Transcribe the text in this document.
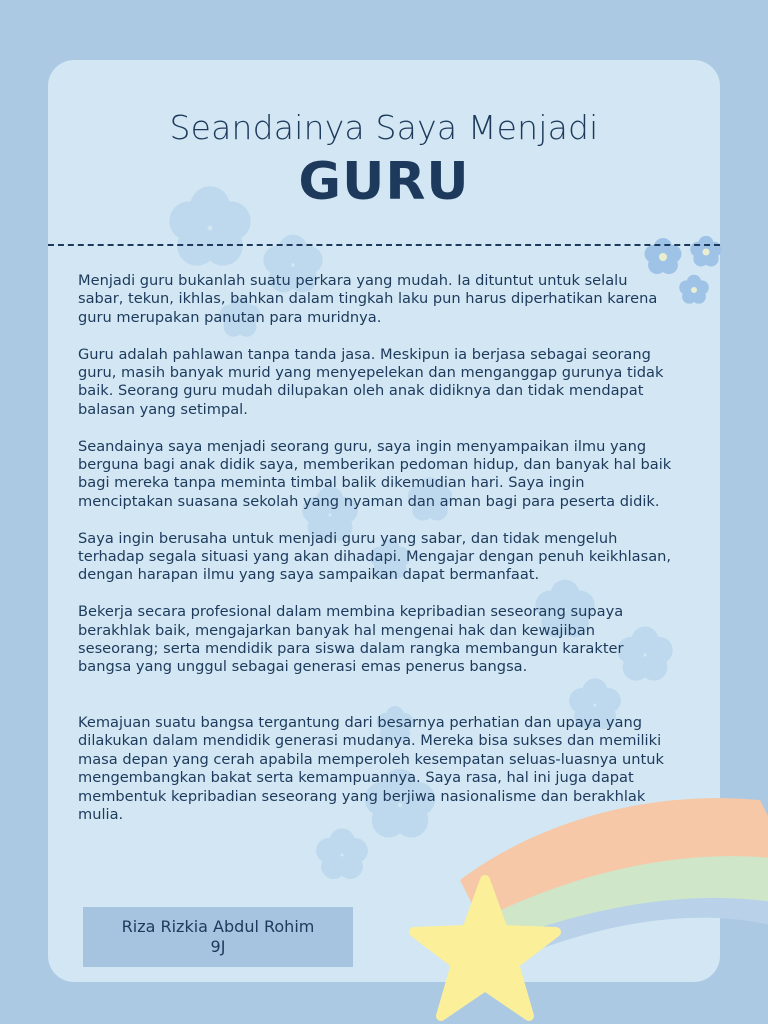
Seandainya Saya Menjadi
GURU

Menjadi guru bukanlah suatu perkara yang mudah. Ia dituntut untuk selalu sabar, tekun, ikhlas, bahkan dalam tingkah laku pun harus diperhatikan karena guru merupakan panutan para muridnya.

Guru adalah pahlawan tanpa tanda jasa. Meskipun ia berjasa sebagai seorang guru, masih banyak murid yang menyepelekan dan menganggap gurunya tidak baik. Seorang guru mudah dilupakan oleh anak didiknya dan tidak mendapat balasan yang setimpal.

Seandainya saya menjadi seorang guru, saya ingin menyampaikan ilmu yang berguna bagi anak didik saya, memberikan pedoman hidup, dan banyak hal baik bagi mereka tanpa meminta timbal balik dikemudian hari. Saya ingin menciptakan suasana sekolah yang nyaman dan aman bagi para peserta didik.

Saya ingin berusaha untuk menjadi guru yang sabar, dan tidak mengeluh terhadap segala situasi yang akan dihadapi. Mengajar dengan penuh keikhlasan, dengan harapan ilmu yang saya sampaikan dapat bermanfaat.

Bekerja secara profesional dalam membina kepribadian seseorang supaya berakhlak baik, mengajarkan banyak hal mengenai hak dan kewajiban seseorang; serta mendidik para siswa dalam rangka membangun karakter bangsa yang unggul sebagai generasi emas penerus bangsa.

Kemajuan suatu bangsa tergantung dari besarnya perhatian dan upaya yang dilakukan dalam mendidik generasi mudanya. Mereka bisa sukses dan memiliki masa depan yang cerah apabila memperoleh kesempatan seluas-luasnya untuk mengembangkan bakat serta kemampuannya. Saya rasa, hal ini juga dapat membentuk kepribadian seseorang yang berjiwa nasionalisme dan berakhlak mulia.

Riza Rizkia Abdul Rohim
9J
